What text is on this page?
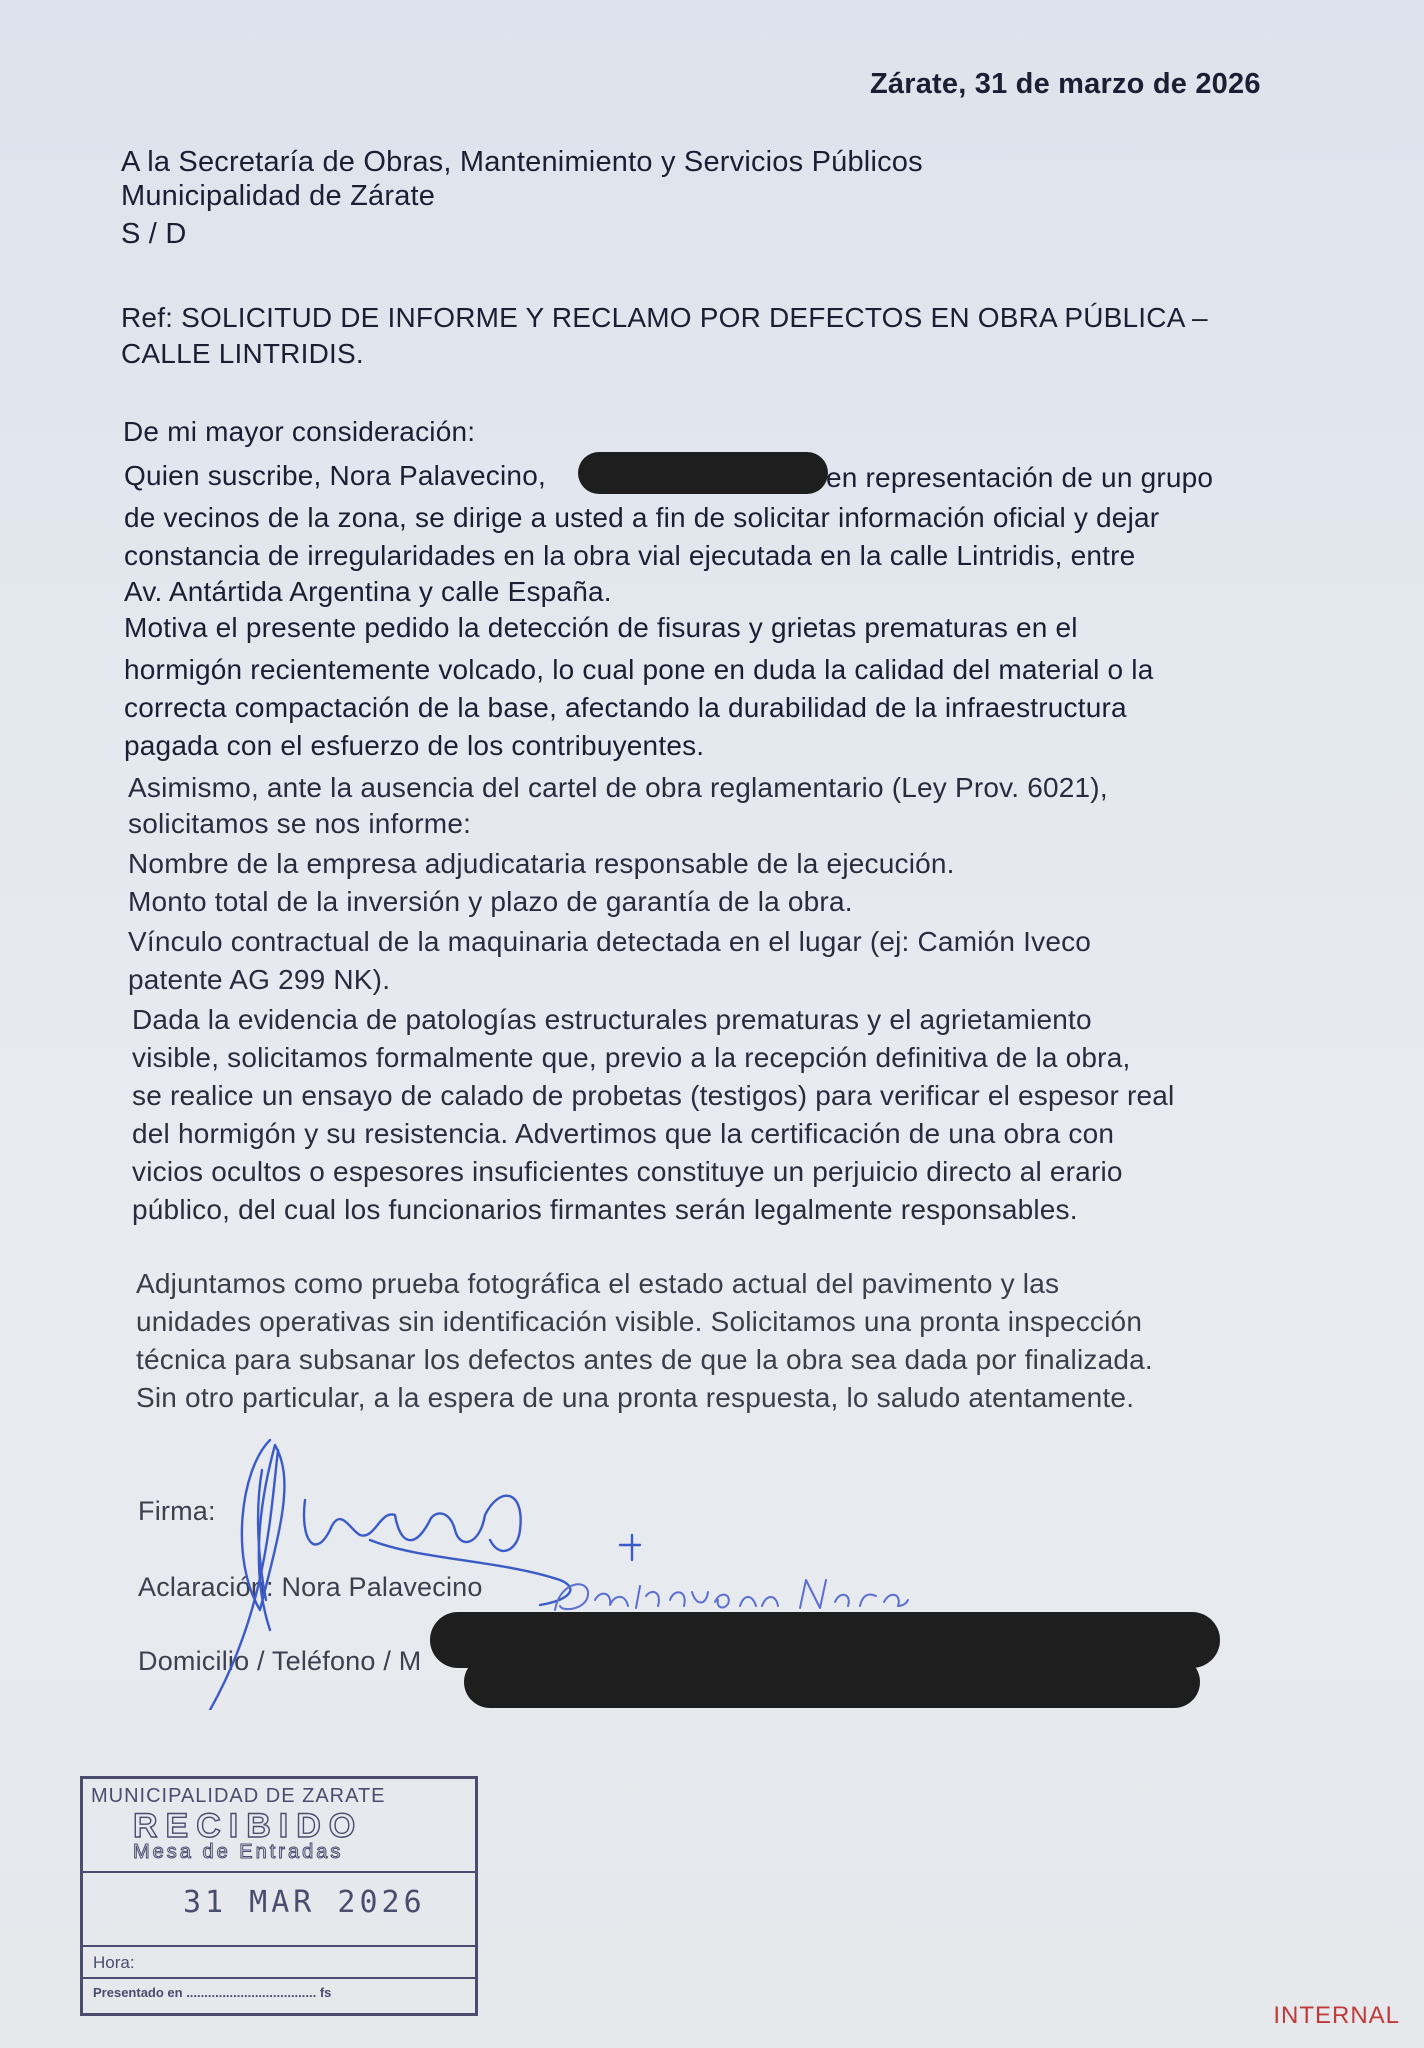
Zárate, 31 de marzo de 2026
A la Secretaría de Obras, Mantenimiento y Servicios Públicos
Municipalidad de Zárate
S / D
Ref: SOLICITUD DE INFORME Y RECLAMO POR DEFECTOS EN OBRA PÚBLICA –
CALLE LINTRIDIS.
De mi mayor consideración:
Quien suscribe, Nora Palavecino,	en representación de un grupo
de vecinos de la zona, se dirige a usted a fin de solicitar información oficial y dejar
constancia de irregularidades en la obra vial ejecutada en la calle Lintridis, entre
Av. Antártida Argentina y calle España.
Motiva el presente pedido la detección de fisuras y grietas prematuras en el
hormigón recientemente volcado, lo cual pone en duda la calidad del material o la
correcta compactación de la base, afectando la durabilidad de la infraestructura
pagada con el esfuerzo de los contribuyentes.
Asimismo, ante la ausencia del cartel de obra reglamentario (Ley Prov. 6021),
solicitamos se nos informe:
Nombre de la empresa adjudicataria responsable de la ejecución.
Monto total de la inversión y plazo de garantía de la obra.
Vínculo contractual de la maquinaria detectada en el lugar (ej: Camión Iveco
patente AG 299 NK).
Dada la evidencia de patologías estructurales prematuras y el agrietamiento
visible, solicitamos formalmente que, previo a la recepción definitiva de la obra,
se realice un ensayo de calado de probetas (testigos) para verificar el espesor real
del hormigón y su resistencia. Advertimos que la certificación de una obra con
vicios ocultos o espesores insuficientes constituye un perjuicio directo al erario
público, del cual los funcionarios firmantes serán legalmente responsables.
Adjuntamos como prueba fotográfica el estado actual del pavimento y las
unidades operativas sin identificación visible. Solicitamos una pronta inspección
técnica para subsanar los defectos antes de que la obra sea dada por finalizada.
Sin otro particular, a la espera de una pronta respuesta, lo saludo atentamente.
Firma:
Aclaración: Nora Palavecino
Domicilio / Teléfono / M
MUNICIPALIDAD DE ZARATE
RECIBIDO
Mesa de Entradas
31 MAR 2026
Hora:
Presentado en .................................... fs
INTERNAL
